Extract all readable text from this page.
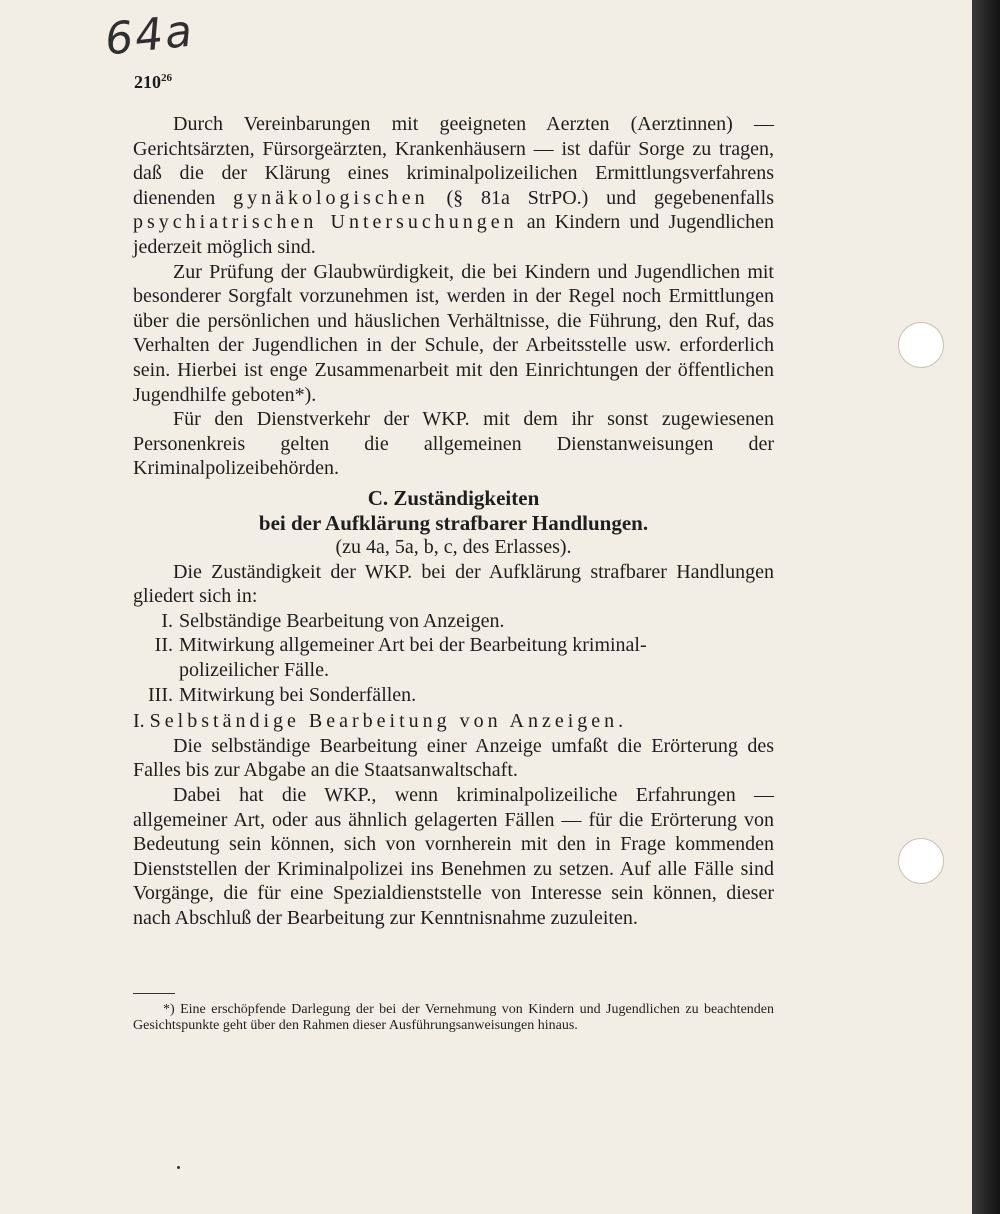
64a
$210^{26}$

Durch Vereinbarungen mit geeigneten Aerzten (Aerztinnen) — Gerichtsärzten, Fürsorgeärzten, Krankenhäusern — ist dafür Sorge zu tragen, daß die der Klärung eines kriminalpolizeilichen Ermittlungsverfahrens dienenden gynäkologischen (§ 81a StrPO.) und gegebenenfalls psychiatrischen Untersuchungen an Kindern und Jugendlichen jederzeit möglich sind.

Zur Prüfung der Glaubwürdigkeit, die bei Kindern und Jugendlichen mit besonderer Sorgfalt vorzunehmen ist, werden in der Regel noch Ermittlungen über die persönlichen und häuslichen Verhältnisse, die Führung, den Ruf, das Verhalten der Jugendlichen in der Schule, der Arbeitsstelle usw. erforderlich sein. Hierbei ist enge Zusammenarbeit mit den Einrichtungen der öffentlichen Jugendhilfe geboten*).

Für den Dienstverkehr der WKP. mit dem ihr sonst zugewiesenen Personenkreis gelten die allgemeinen Dienstanweisungen der Kriminalpolizeibehörden.

C. Zuständigkeiten

bei der Aufklärung strafbarer Handlungen.

(zu 4a, 5a, b, c, des Erlasses).

Die Zuständigkeit der WKP. bei der Aufklärung strafbarer Handlungen gliedert sich in:

I. Selbständige Bearbeitung von Anzeigen.
II. Mitwirkung allgemeiner Art bei der Bearbeitung kriminal-
polizeilicher Fälle.
III. Mitwirkung bei Sonderfällen.

I. Selbständige Bearbeitung von Anzeigen.

Die selbständige Bearbeitung einer Anzeige umfaßt die Erörterung des Falles bis zur Abgabe an die Staatsanwaltschaft.

Dabei hat die WKP., wenn kriminalpolizeiliche Erfahrungen — allgemeiner Art, oder aus ähnlich gelagerten Fällen — für die Erörterung von Bedeutung sein können, sich von vornherein mit den in Frage kommenden Dienststellen der Kriminalpolizei ins Benehmen zu setzen. Auf alle Fälle sind Vorgänge, die für eine Spezialdienststelle von Interesse sein können, dieser nach Abschluß der Bearbeitung zur Kenntnisnahme zuzuleiten.

*) Eine erschöpfende Darlegung der bei der Vernehmung von Kindern und Jugendlichen zu beachtenden Gesichtspunkte geht über den Rahmen dieser Ausführungsanweisungen hinaus.
